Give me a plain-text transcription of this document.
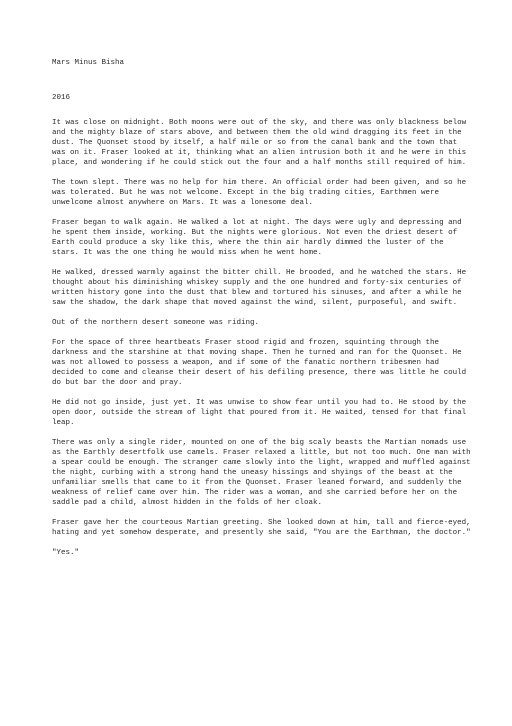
Mars Minus Bisha

2016

It was close on midnight. Both moons were out of the sky, and there was only blackness below and the mighty blaze of stars above, and between them the old wind dragging its feet in the dust. The Quonset stood by itself, a half mile or so from the canal bank and the town that was on it. Fraser looked at it, thinking what an alien intrusion both it and he were in this place, and wondering if he could stick out the four and a half months still required of him.

The town slept. There was no help for him there. An official order had been given, and so he was tolerated. But he was not welcome. Except in the big trading cities, Earthmen were unwelcome almost anywhere on Mars. It was a lonesome deal.

Fraser began to walk again. He walked a lot at night. The days were ugly and depressing and he spent them inside, working. But the nights were glorious. Not even the driest desert of Earth could produce a sky like this, where the thin air hardly dimmed the luster of the stars. It was the one thing he would miss when he went home.

He walked, dressed warmly against the bitter chill. He brooded, and he watched the stars. He thought about his diminishing whiskey supply and the one hundred and forty-six centuries of written history gone into the dust that blew and tortured his sinuses, and after a while he saw the shadow, the dark shape that moved against the wind, silent, purposeful, and swift.

Out of the northern desert someone was riding.

For the space of three heartbeats Fraser stood rigid and frozen, squinting through the darkness and the starshine at that moving shape. Then he turned and ran for the Quonset. He was not allowed to possess a weapon, and if some of the fanatic northern tribesmen had decided to come and cleanse their desert of his defiling presence, there was little he could do but bar the door and pray.

He did not go inside, just yet. It was unwise to show fear until you had to. He stood by the open door, outside the stream of light that poured from it. He waited, tensed for that final leap.

There was only a single rider, mounted on one of the big scaly beasts the Martian nomads use as the Earthly desertfolk use camels. Fraser relaxed a little, but not too much. One man with a spear could be enough. The stranger came slowly into the light, wrapped and muffled against the night, curbing with a strong hand the uneasy hissings and shyings of the beast at the unfamiliar smells that came to it from the Quonset. Fraser leaned forward, and suddenly the weakness of relief came over him. The rider was a woman, and she carried before her on the saddle pad a child, almost hidden in the folds of her cloak.

Fraser gave her the courteous Martian greeting. She looked down at him, tall and fierce-eyed, hating and yet somehow desperate, and presently she said, "You are the Earthman, the doctor."

"Yes."
